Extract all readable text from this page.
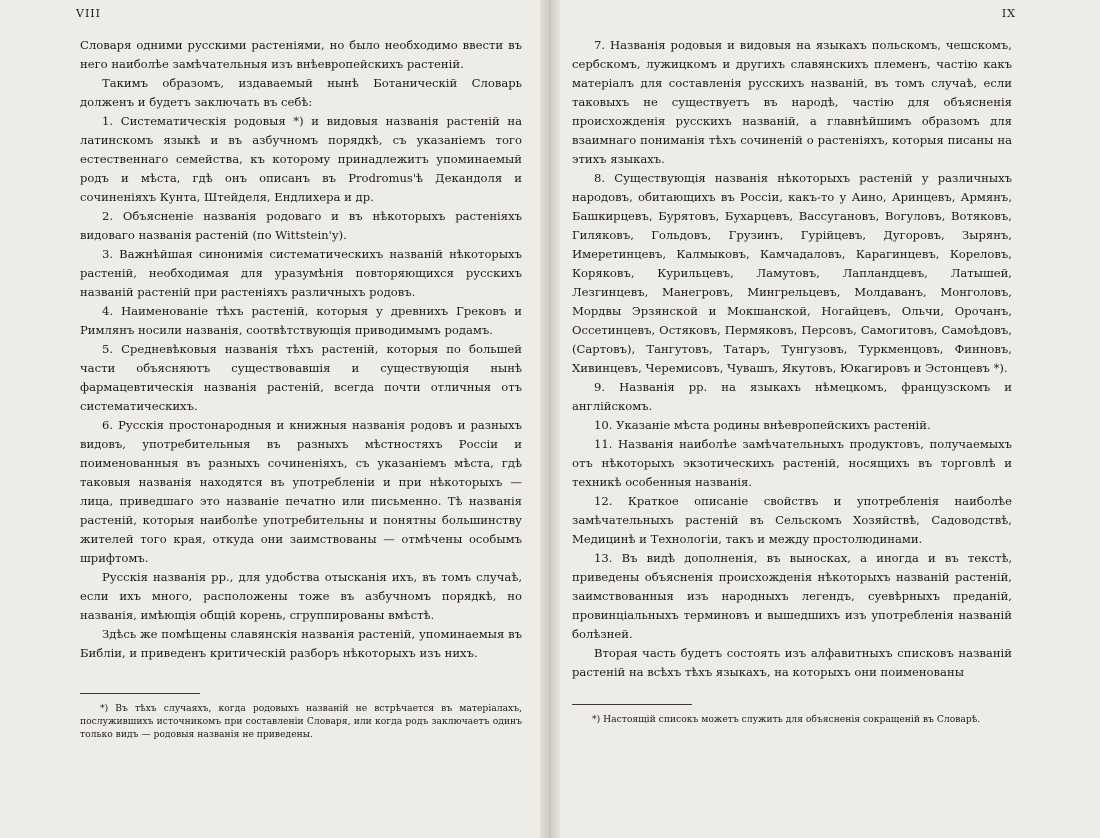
VIII

Словаря одними русскими растеніями, но было необходимо ввести въ него наиболѣе замѣчательныя изъ внѣевропейскихъ растеній.

Такимъ образомъ, издаваемый нынѣ Ботаническій Словарь долженъ и будетъ заключать въ себѣ:

1. Систематическія родовыя *) и видовыя названія растеній на латинскомъ языкѣ и въ азбучномъ порядкѣ, съ указаніемъ того естественнаго семейства, къ которому принадлежитъ упоминаемый родъ и мѣста, гдѣ онъ описанъ въ Prodromus'ѣ Декандоля и сочиненіяхъ Кунта, Штейделя, Ендлихера и др.

2. Объясненіе названія родоваго и въ нѣкоторыхъ растеніяхъ видоваго названія растеній (по Wittstein'у).

3. Важнѣйшая синонимія систематическихъ названій нѣкоторыхъ растеній, необходимая для уразумѣнія повторяющихся русскихъ названій растеній при растеніяхъ различныхъ родовъ.

4. Наименованіе тѣхъ растеній, которыя у древнихъ Грековъ и Римлянъ носили названія, соотвѣтствующія приводимымъ родамъ.

5. Средневѣковыя названія тѣхъ растеній, которыя по большей части объясняютъ существовавшія и существующія нынѣ фармацевтическія названія растеній, всегда почти отличныя отъ систематическихъ.

6. Русскія простонародныя и книжныя названія родовъ и разныхъ видовъ, употребительныя въ разныхъ мѣстностяхъ Россіи и поименованныя въ разныхъ сочиненіяхъ, съ указаніемъ мѣста, гдѣ таковыя названія находятся въ употребленіи и при нѣкоторыхъ — лица, приведшаго это названіе печатно или письменно. Тѣ названія растеній, которыя наиболѣе употребительны и понятны большинству жителей того края, откуда они заимствованы — отмѣчены особымъ шрифтомъ.

Русскія названія рр., для удобства отысканія ихъ, въ томъ случаѣ, если ихъ много, расположены тоже въ азбучномъ порядкѣ, но названія, имѣющія общій корень, сгруппированы вмѣстѣ.

Здѣсь же помѣщены славянскія названія растеній, упоминаемыя въ Библіи, и приведенъ критическій разборъ нѣкоторыхъ изъ нихъ.

*) Въ тѣхъ случаяхъ, когда родовыхъ названій не встрѣчается въ матеріалахъ, послужившихъ источникомъ при составленіи Словаря, или когда родъ заключаетъ одинъ только видъ — родовыя названія не приведены.

IX

7. Названія родовыя и видовыя на языкахъ польскомъ, чешскомъ, сербскомъ, лужицкомъ и другихъ славянскихъ племенъ, частію какъ матеріалъ для составленія русскихъ названій, въ томъ случаѣ, если таковыхъ не существуетъ въ народѣ, частію для объясненія происхожденія русскихъ названій, а главнѣйшимъ образомъ для взаимнаго пониманія тѣхъ сочиненій о растеніяхъ, которыя писаны на этихъ языкахъ.

8. Существующія названія нѣкоторыхъ растеній у различныхъ народовъ, обитающихъ въ Россіи, какъ-то у Аино, Аринцевъ, Армянъ, Башкирцевъ, Бурятовъ, Бухарцевъ, Вассугановъ, Вогуловъ, Вотяковъ, Гиляковъ, Гольдовъ, Грузинъ, Гурійцевъ, Дугоровъ, Зырянъ, Имеретинцевъ, Калмыковъ, Камчадаловъ, Карагинцевъ, Кореловъ, Коряковъ, Курильцевъ, Ламутовъ, Лапландцевъ, Латышей, Лезгинцевъ, Манегровъ, Мингрельцевъ, Молдаванъ, Монголовъ, Мордвы Эрзянской и Мокшанской, Ногайцевъ, Ольчи, Орочанъ, Оссетинцевъ, Остяковъ, Пермяковъ, Персовъ, Самогитовъ, Самоѣдовъ, (Сартовъ), Тангутовъ, Татаръ, Тунгузовъ, Туркменцовъ, Финновъ, Хивинцевъ, Черемисовъ, Чувашъ, Якутовъ, Юкагировъ и Эстонцевъ *).

9. Названія рр. на языкахъ нѣмецкомъ, французскомъ и англійскомъ.

10. Указаніе мѣста родины внѣевропейскихъ растеній.

11. Названія наиболѣе замѣчательныхъ продуктовъ, получаемыхъ отъ нѣкоторыхъ экзотическихъ растеній, носящихъ въ торговлѣ и техникѣ особенныя названія.

12. Краткое описаніе свойствъ и употребленія наиболѣе замѣчательныхъ растеній въ Сельскомъ Хозяйствѣ, Садоводствѣ, Медицинѣ и Технологіи, такъ и между простолюдинами.

13. Въ видѣ дополненія, въ выносках, а иногда и въ текстѣ, приведены объясненія происхожденія нѣкоторыхъ названій растеній, заимствованныя изъ народныхъ легендъ, суевѣрныхъ преданій, провинціальныхъ терминовъ и вышедшихъ изъ употребленія названій болѣзней.

Вторая часть будетъ состоять изъ алфавитныхъ списковъ названій растеній на всѣхъ тѣхъ языкахъ, на которыхъ они поименованы

*) Настоящій списокъ можетъ служить для объясненія сокращеній въ Словарѣ.
